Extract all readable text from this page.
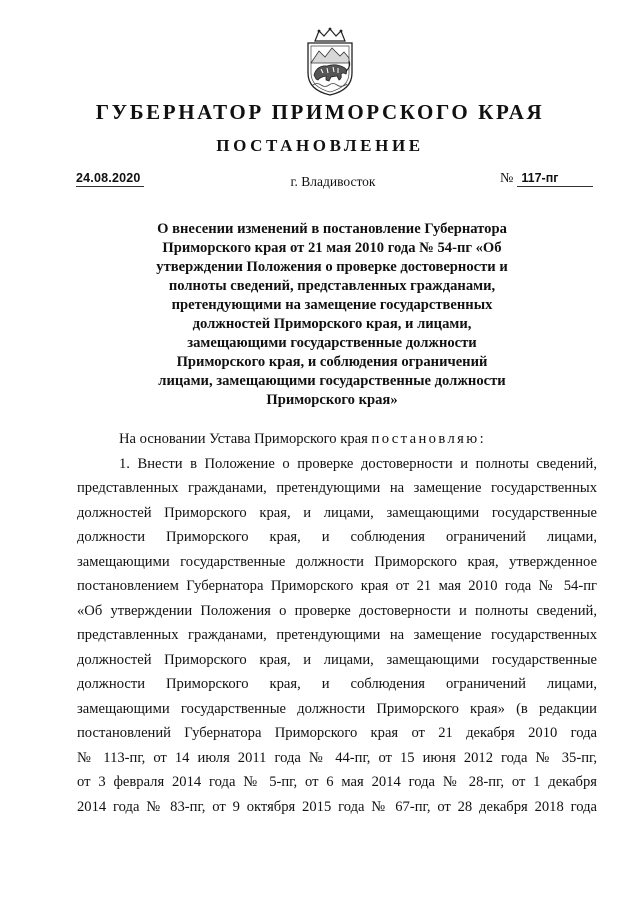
ГУБЕРНАТОР ПРИМОРСКОГО КРАЯ
ПОСТАНОВЛЕНИЕ
24.08.2020	г. Владивосток	№ 117-пг
О внесении изменений в постановление Губернатора
Приморского края от 21 мая 2010 года № 54-пг «Об
утверждении Положения о проверке достоверности и
полноты сведений, представленных гражданами,
претендующими на замещение государственных
должностей Приморского края, и лицами,
замещающими государственные должности
Приморского края, и соблюдения ограничений
лицами, замещающими государственные должности
Приморского края»
На основании Устава Приморского края постановляю:
1. Внести в Положение о проверке достоверности и полноты сведений,
представленных гражданами, претендующими на замещение государственных
должностей Приморского края, и лицами, замещающими государственные
должности Приморского края, и соблюдения ограничений лицами,
замещающими государственные должности Приморского края, утвержденное
постановлением Губернатора Приморского края от 21 мая 2010 года № 54-пг
«Об утверждении Положения о проверке достоверности и полноты сведений,
представленных гражданами, претендующими на замещение государственных
должностей Приморского края, и лицами, замещающими государственные
должности Приморского края, и соблюдения ограничений лицами,
замещающими государственные должности Приморского края» (в редакции
постановлений Губернатора Приморского края от 21 декабря 2010 года
№ 113-пг, от 14 июля 2011 года № 44-пг, от 15 июня 2012 года № 35-пг,
от 3 февраля 2014 года № 5-пг, от 6 мая 2014 года № 28-пг, от 1 декабря
2014 года № 83-пг, от 9 октября 2015 года № 67-пг, от 28 декабря 2018 года
